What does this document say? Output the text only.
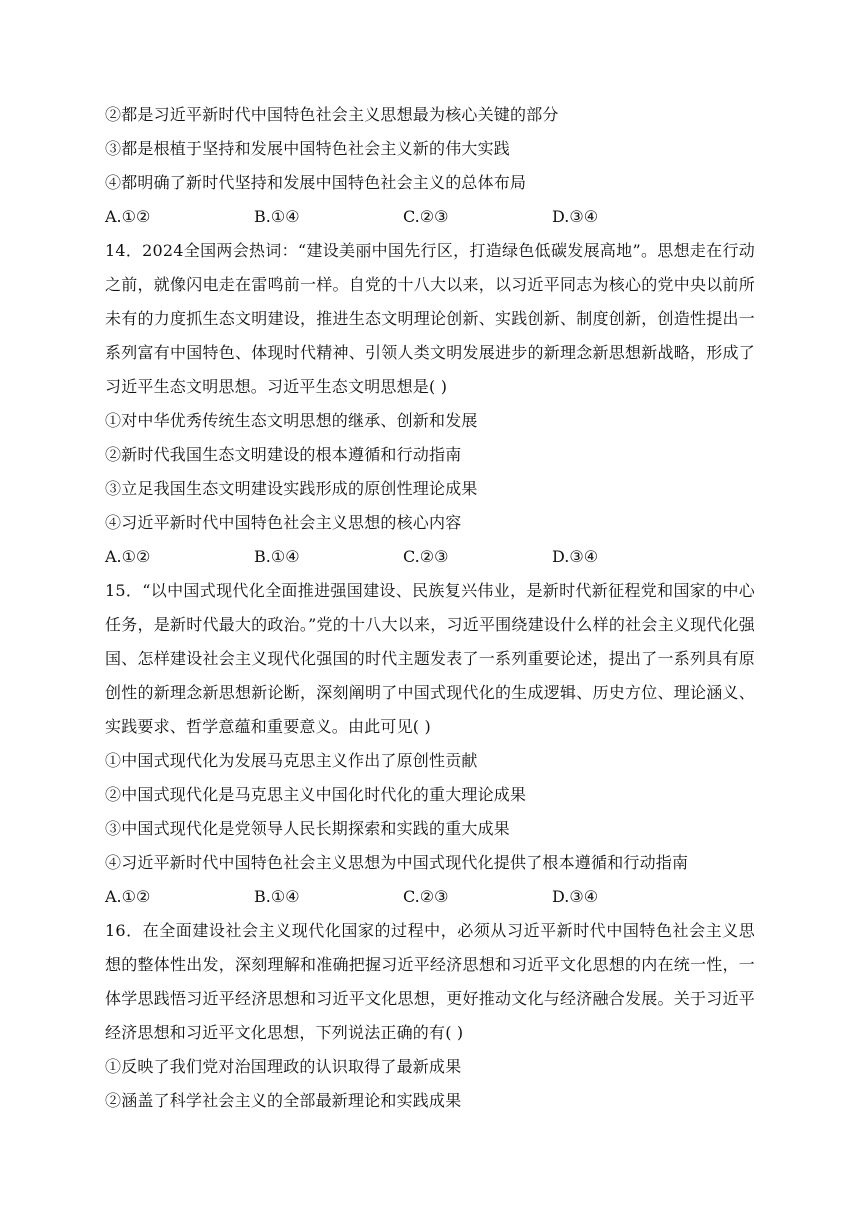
②都是习近平新时代中国特色社会主义思想最为核心关键的部分
③都是根植于坚持和发展中国特色社会主义新的伟大实践
④都明确了新时代坚持和发展中国特色社会主义的总体布局
A.①②	B.①④	C.②③	D.③④
14．2024全国两会热词：“建设美丽中国先行区，打造绿色低碳发展高地”。思想走在行动之前，就像闪电走在雷鸣前一样。自党的十八大以来，以习近平同志为核心的党中央以前所未有的力度抓生态文明建设，推进生态文明理论创新、实践创新、制度创新，创造性提出一系列富有中国特色、体现时代精神、引领人类文明发展进步的新理念新思想新战略，形成了习近平生态文明思想。习近平生态文明思想是( )
①对中华优秀传统生态文明思想的继承、创新和发展
②新时代我国生态文明建设的根本遵循和行动指南
③立足我国生态文明建设实践形成的原创性理论成果
④习近平新时代中国特色社会主义思想的核心内容
A.①②	B.①④	C.②③	D.③④
15．“以中国式现代化全面推进强国建设、民族复兴伟业，是新时代新征程党和国家的中心任务，是新时代最大的政治。”党的十八大以来，习近平围绕建设什么样的社会主义现代化强国、怎样建设社会主义现代化强国的时代主题发表了一系列重要论述，提出了一系列具有原创性的新理念新思想新论断，深刻阐明了中国式现代化的生成逻辑、历史方位、理论涵义、实践要求、哲学意蕴和重要意义。由此可见( )
①中国式现代化为发展马克思主义作出了原创性贡献
②中国式现代化是马克思主义中国化时代化的重大理论成果
③中国式现代化是党领导人民长期探索和实践的重大成果
④习近平新时代中国特色社会主义思想为中国式现代化提供了根本遵循和行动指南
A.①②	B.①④	C.②③	D.③④
16．在全面建设社会主义现代化国家的过程中，必须从习近平新时代中国特色社会主义思想的整体性出发，深刻理解和准确把握习近平经济思想和习近平文化思想的内在统一性，一体学思践悟习近平经济思想和习近平文化思想，更好推动文化与经济融合发展。关于习近平经济思想和习近平文化思想，下列说法正确的有( )
①反映了我们党对治国理政的认识取得了最新成果
②涵盖了科学社会主义的全部最新理论和实践成果
